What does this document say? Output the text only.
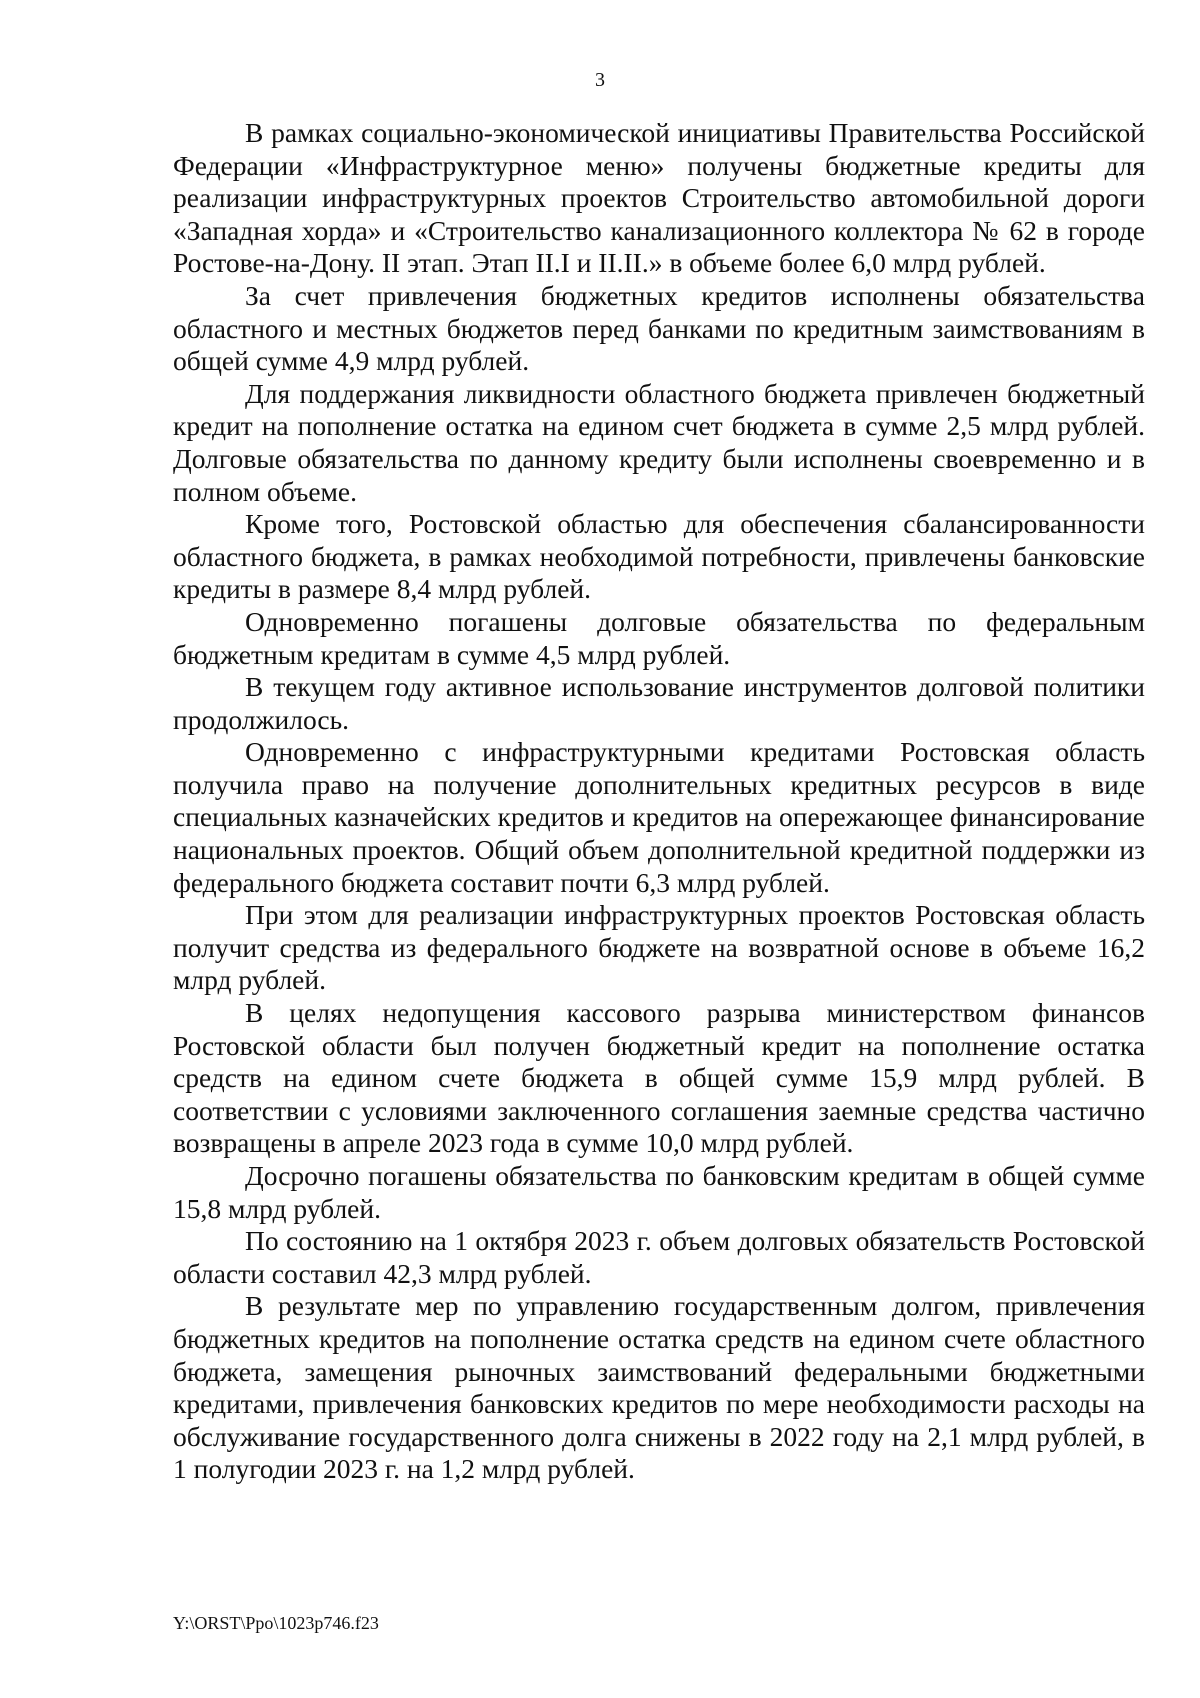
3

В рамках социально-экономической инициативы Правительства Российской Федерации «Инфраструктурное меню» получены бюджетные кредиты для реализации инфраструктурных проектов Строительство автомобильной дороги «Западная хорда» и «Строительство канализационного коллектора № 62 в городе Ростове-на-Дону. II этап. Этап II.I и II.II.» в объеме более 6,0 млрд рублей.

За счет привлечения бюджетных кредитов исполнены обязательства областного и местных бюджетов перед банками по кредитным заимствованиям в общей сумме 4,9 млрд рублей.

Для поддержания ликвидности областного бюджета привлечен бюджетный кредит на пополнение остатка на едином счет бюджета в сумме 2,5 млрд рублей. Долговые обязательства по данному кредиту были исполнены своевременно и в полном объеме.

Кроме того, Ростовской областью для обеспечения сбалансированности областного бюджета, в рамках необходимой потребности, привлечены банковские кредиты в размере 8,4 млрд рублей.

Одновременно погашены долговые обязательства по федеральным бюджетным кредитам в сумме 4,5 млрд рублей.

В текущем году активное использование инструментов долговой политики продолжилось.

Одновременно с инфраструктурными кредитами Ростовская область получила право на получение дополнительных кредитных ресурсов в виде специальных казначейских кредитов и кредитов на опережающее финансирование национальных проектов. Общий объем дополнительной кредитной поддержки из федерального бюджета составит почти 6,3 млрд рублей.

При этом для реализации инфраструктурных проектов Ростовская область получит средства из федерального бюджете на возвратной основе в объеме 16,2 млрд рублей.

В целях недопущения кассового разрыва министерством финансов Ростовской области был получен бюджетный кредит на пополнение остатка средств на едином счете бюджета в общей сумме 15,9 млрд рублей. В соответствии с условиями заключенного соглашения заемные средства частично возвращены в апреле 2023 года в сумме 10,0 млрд рублей.

Досрочно погашены обязательства по банковским кредитам в общей сумме 15,8 млрд рублей.

По состоянию на 1 октября 2023 г. объем долговых обязательств Ростовской области составил 42,3 млрд рублей.

В результате мер по управлению государственным долгом, привлечения бюджетных кредитов на пополнение остатка средств на едином счете областного бюджета, замещения рыночных заимствований федеральными бюджетными кредитами, привлечения банковских кредитов по мере необходимости расходы на обслуживание государственного долга снижены в 2022 году на 2,1 млрд рублей, в 1 полугодии 2023 г. на 1,2 млрд рублей.

Y:\ORST\Ppo\1023p746.f23
